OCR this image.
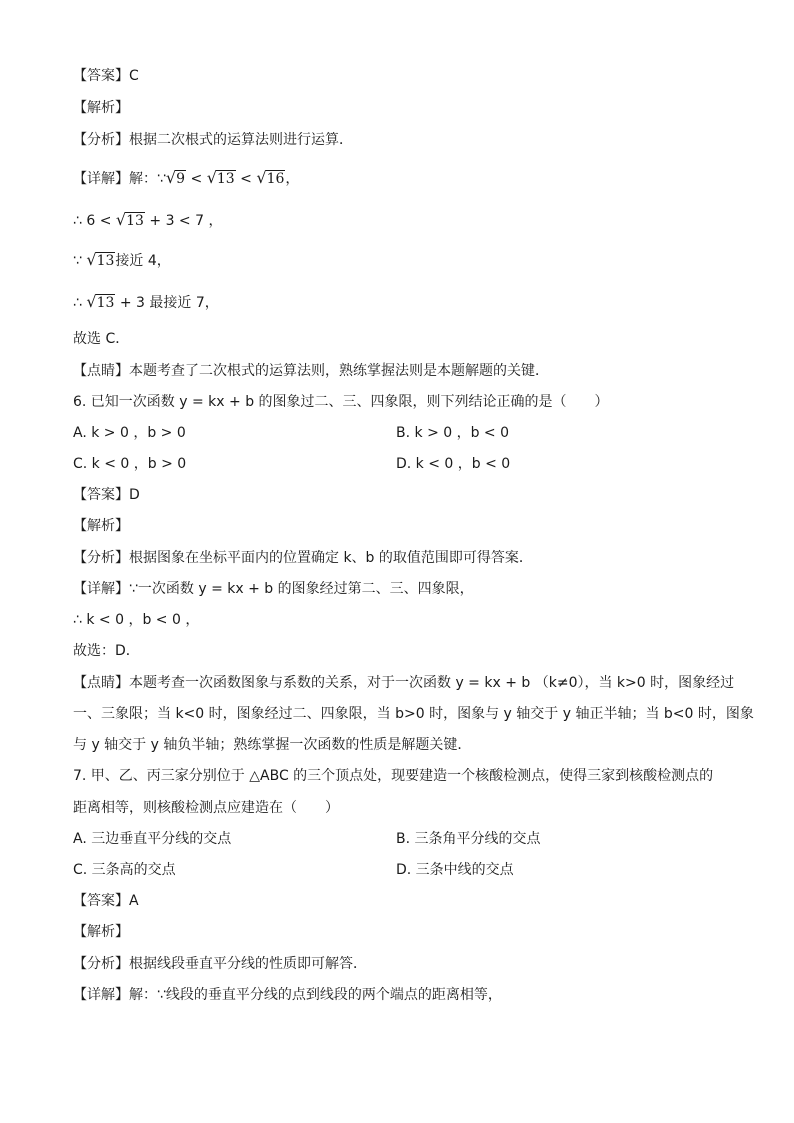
【答案】C
【解析】
【分析】根据二次根式的运算法则进行运算．
【详解】解：∵√9 < √13 < √16，
∴ 6 < √13 + 3 < 7 ，
∵ √13接近 4，
∴ √13 + 3 最接近 7，
故选 C．
【点睛】本题考查了二次根式的运算法则，熟练掌握法则是本题解题的关键．
6. 已知一次函数 y = kx + b 的图象过二、三、四象限，则下列结论正确的是（　　）
A. k > 0 ，b > 0	B. k > 0 ，b < 0
C. k < 0 ，b > 0	D. k < 0 ，b < 0
【答案】D
【解析】
【分析】根据图象在坐标平面内的位置确定 k、b 的取值范围即可得答案．
【详解】∵一次函数 y = kx + b 的图象经过第二、三、四象限，
∴ k < 0 ，b < 0 ，
故选：D．
【点睛】本题考查一次函数图象与系数的关系，对于一次函数 y = kx + b （k≠0），当 k>0 时，图象经过
一、三象限；当 k<0 时，图象经过二、四象限，当 b>0 时，图象与 y 轴交于 y 轴正半轴；当 b<0 时，图象
与 y 轴交于 y 轴负半轴；熟练掌握一次函数的性质是解题关键．
7. 甲、乙、丙三家分别位于 △ABC 的三个顶点处，现要建造一个核酸检测点，使得三家到核酸检测点的
距离相等，则核酸检测点应建造在（　　）
A. 三边垂直平分线的交点	B. 三条角平分线的交点
C. 三条高的交点	D. 三条中线的交点
【答案】A
【解析】
【分析】根据线段垂直平分线的性质即可解答．
【详解】解：∵线段的垂直平分线的点到线段的两个端点的距离相等，
